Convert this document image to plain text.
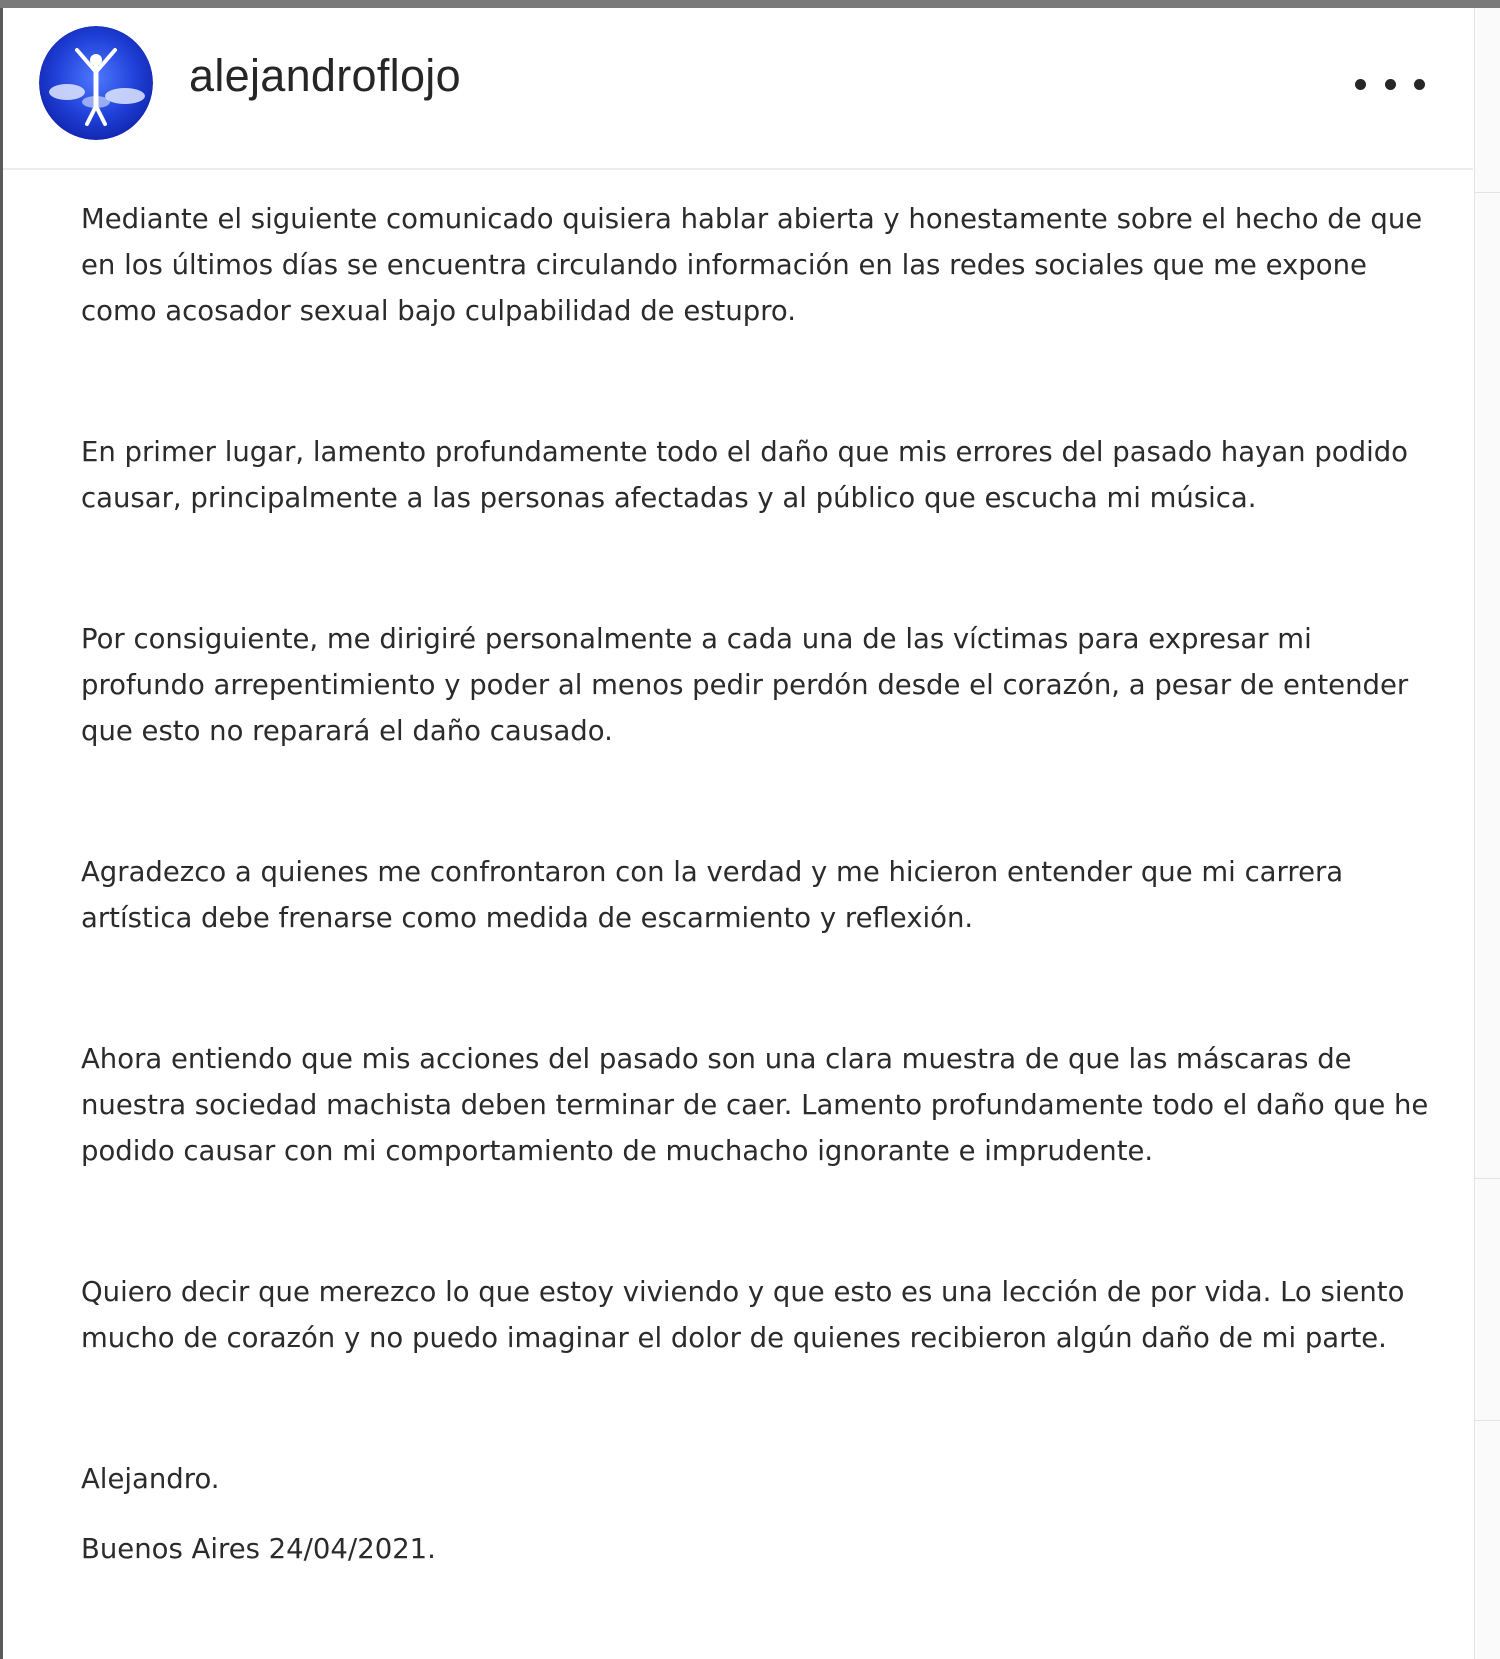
alejandroflojo

Mediante el siguiente comunicado quisiera hablar abierta y honestamente sobre el hecho de que en los últimos días se encuentra circulando información en las redes sociales que me expone como acosador sexual bajo culpabilidad de estupro.

En primer lugar, lamento profundamente todo el daño que mis errores del pasado hayan podido causar, principalmente a las personas afectadas y al público que escucha mi música.

Por consiguiente, me dirigiré personalmente a cada una de las víctimas para expresar mi profundo arrepentimiento y poder al menos pedir perdón desde el corazón, a pesar de entender que esto no reparará el daño causado.

Agradezco a quienes me confrontaron con la verdad y me hicieron entender que mi carrera artística debe frenarse como medida de escarmiento y reflexión.

Ahora entiendo que mis acciones del pasado son una clara muestra de que las máscaras de nuestra sociedad machista deben terminar de caer. Lamento profundamente todo el daño que he podido causar con mi comportamiento de muchacho ignorante e imprudente.

Quiero decir que merezco lo que estoy viviendo y que esto es una lección de por vida. Lo siento mucho de corazón y no puedo imaginar el dolor de quienes recibieron algún daño de mi parte.

Alejandro.

Buenos Aires 24/04/2021.
